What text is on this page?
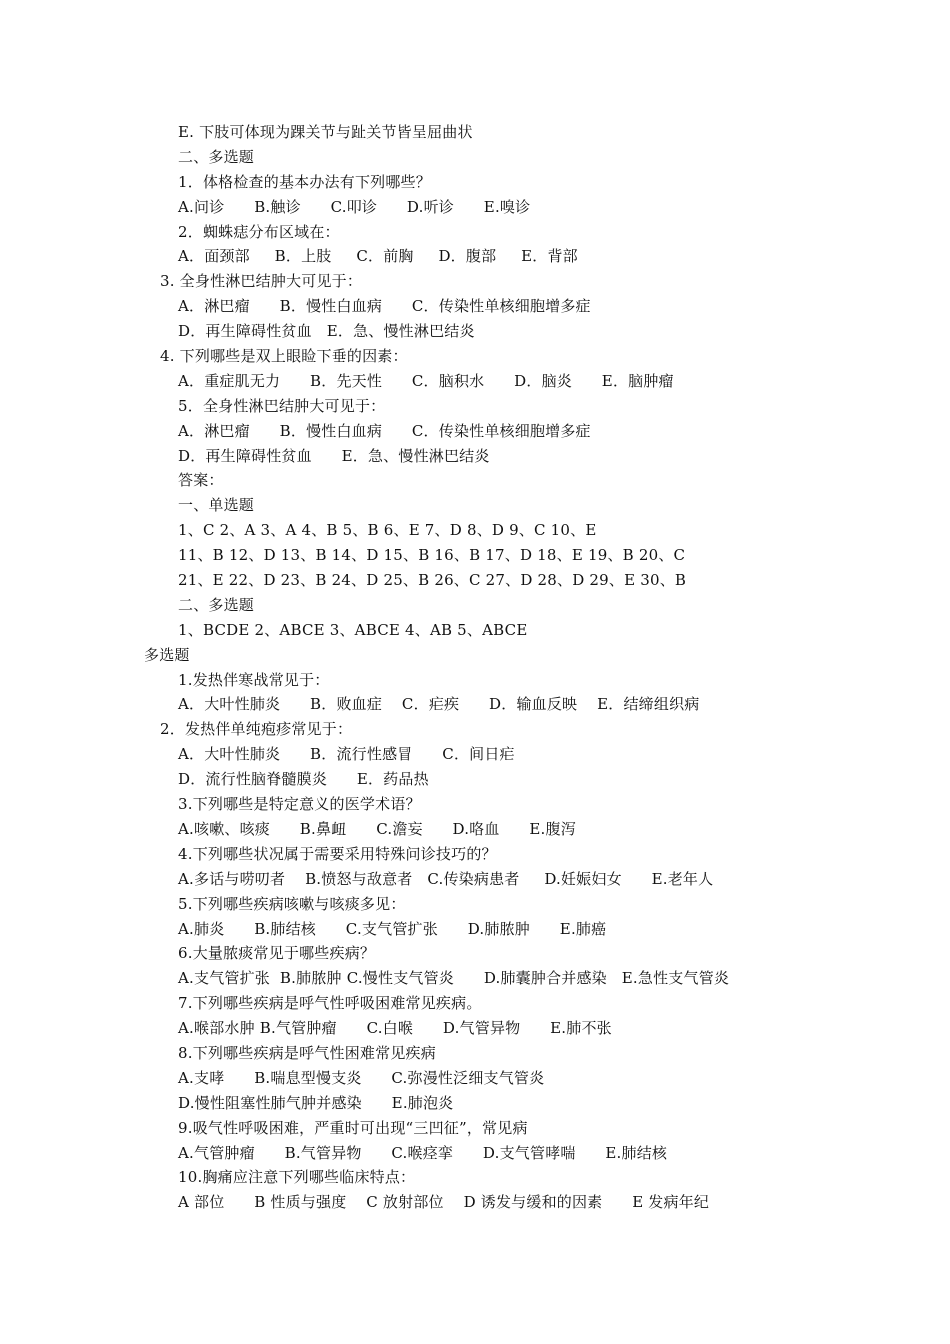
E. 下肢可体现为踝关节与趾关节皆呈屈曲状
二、多选题
1．体格检查的基本办法有下列哪些？
A.问诊      B.触诊      C.叩诊      D.听诊      E.嗅诊
2．蜘蛛痣分布区域在：
A．面颈部     B．上肢     C．前胸     D．腹部     E．背部
3. 全身性淋巴结肿大可见于：
A．淋巴瘤      B．慢性白血病      C．传染性单核细胞增多症
D．再生障碍性贫血   E．急、慢性淋巴结炎
4. 下列哪些是双上眼睑下垂的因素：
A．重症肌无力      B．先天性      C．脑积水      D．脑炎      E．脑肿瘤
5．全身性淋巴结肿大可见于：
A．淋巴瘤      B．慢性白血病      C．传染性单核细胞增多症
D．再生障碍性贫血      E．急、慢性淋巴结炎
答案：
一、单选题
1、C 2、A 3、A 4、B 5、B 6、E 7、D 8、D 9、C 10、E
11、B 12、D 13、B 14、D 15、B 16、B 17、D 18、E 19、B 20、C
21、E 22、D 23、B 24、D 25、B 26、C 27、D 28、D 29、E 30、B
二、多选题
1、BCDE 2、ABCE 3、ABCE 4、AB 5、ABCE
多选题
1.发热伴寒战常见于：
A．大叶性肺炎      B．败血症    C．疟疾      D．输血反映    E．结缔组织病
2．发热伴单纯疱疹常见于：
A．大叶性肺炎      B．流行性感冒      C．间日疟
D．流行性脑脊髓膜炎      E．药品热
3.下列哪些是特定意义的医学术语？
A.咳嗽、咳痰      B.鼻衄      C.澹妄      D.咯血      E.腹泻
4.下列哪些状况属于需要采用特殊问诊技巧的？
A.多话与唠叨者    B.愤怒与敌意者   C.传染病患者     D.妊娠妇女      E.老年人
5.下列哪些疾病咳嗽与咳痰多见：
A.肺炎      B.肺结核      C.支气管扩张      D.肺脓肿      E.肺癌
6.大量脓痰常见于哪些疾病？
A.支气管扩张  B.肺脓肿 C.慢性支气管炎      D.肺囊肿合并感染   E.急性支气管炎
7.下列哪些疾病是呼气性呼吸困难常见疾病。
A.喉部水肿 B.气管肿瘤      C.白喉      D.气管异物      E.肺不张
8.下列哪些疾病是呼气性困难常见疾病
A.支哮      B.喘息型慢支炎      C.弥漫性泛细支气管炎
D.慢性阻塞性肺气肿并感染      E.肺泡炎
9.吸气性呼吸困难，严重时可出现“三凹征”，常见病
A.气管肿瘤      B.气管异物      C.喉痉挛      D.支气管哮喘      E.肺结核
10.胸痛应注意下列哪些临床特点：
A 部位      B 性质与强度    C 放射部位    D 诱发与缓和的因素      E 发病年纪
